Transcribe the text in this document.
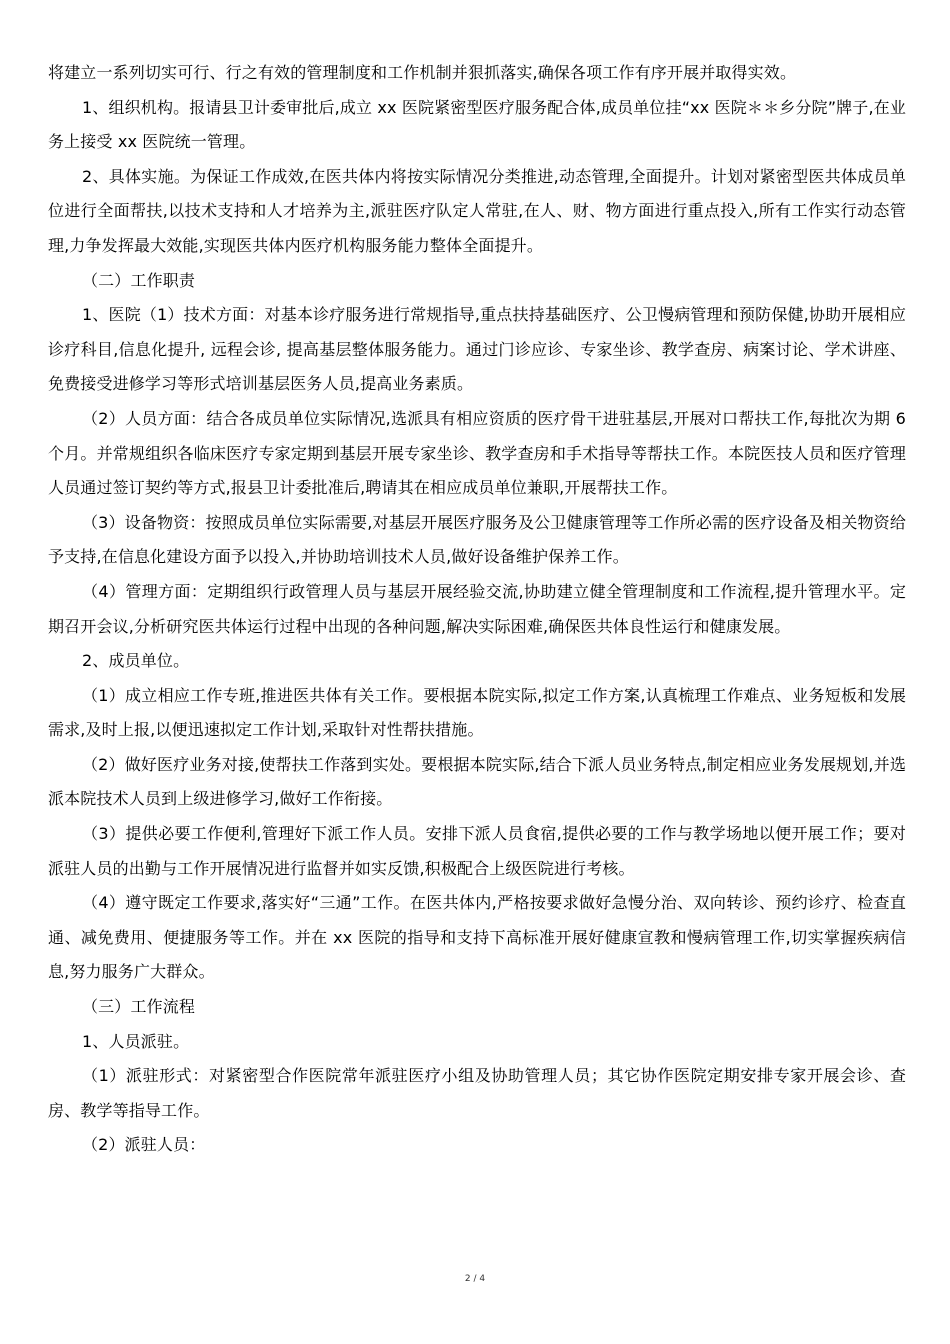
将建立一系列切实可行、行之有效的管理制度和工作机制并狠抓落实,确保各项工作有序开展并取得实效。

1、组织机构。报请县卫计委审批后,成立 xx 医院紧密型医疗服务配合体,成员单位挂“xx 医院＊＊乡分院”牌子,在业务上接受 xx 医院统一管理。

2、具体实施。为保证工作成效,在医共体内将按实际情况分类推进,动态管理,全面提升。计划对紧密型医共体成员单位进行全面帮扶,以技术支持和人才培养为主,派驻医疗队定人常驻,在人、财、物方面进行重点投入,所有工作实行动态管理,力争发挥最大效能,实现医共体内医疗机构服务能力整体全面提升。

（二）工作职责

1、医院（1）技术方面：对基本诊疗服务进行常规指导,重点扶持基础医疗、公卫慢病管理和预防保健,协助开展相应诊疗科目,信息化提升, 远程会诊, 提高基层整体服务能力。通过门诊应诊、专家坐诊、教学查房、病案讨论、学术讲座、免费接受进修学习等形式培训基层医务人员,提高业务素质。

（2）人员方面：结合各成员单位实际情况,选派具有相应资质的医疗骨干进驻基层,开展对口帮扶工作,每批次为期 6 个月。并常规组织各临床医疗专家定期到基层开展专家坐诊、教学查房和手术指导等帮扶工作。本院医技人员和医疗管理人员通过签订契约等方式,报县卫计委批准后,聘请其在相应成员单位兼职,开展帮扶工作。

（3）设备物资：按照成员单位实际需要,对基层开展医疗服务及公卫健康管理等工作所必需的医疗设备及相关物资给予支持,在信息化建设方面予以投入,并协助培训技术人员,做好设备维护保养工作。

（4）管理方面：定期组织行政管理人员与基层开展经验交流,协助建立健全管理制度和工作流程,提升管理水平。定期召开会议,分析研究医共体运行过程中出现的各种问题,解决实际困难,确保医共体良性运行和健康发展。

2、成员单位。

（1）成立相应工作专班,推进医共体有关工作。要根据本院实际,拟定工作方案,认真梳理工作难点、业务短板和发展需求,及时上报,以便迅速拟定工作计划,采取针对性帮扶措施。

（2）做好医疗业务对接,使帮扶工作落到实处。要根据本院实际,结合下派人员业务特点,制定相应业务发展规划,并选派本院技术人员到上级进修学习,做好工作衔接。

（3）提供必要工作便利,管理好下派工作人员。安排下派人员食宿,提供必要的工作与教学场地以便开展工作；要对派驻人员的出勤与工作开展情况进行监督并如实反馈,积极配合上级医院进行考核。

（4）遵守既定工作要求,落实好“三通”工作。在医共体内,严格按要求做好急慢分治、双向转诊、预约诊疗、检查直通、减免费用、便捷服务等工作。并在 xx 医院的指导和支持下高标准开展好健康宣教和慢病管理工作,切实掌握疾病信息,努力服务广大群众。

（三）工作流程

1、人员派驻。

（1）派驻形式：对紧密型合作医院常年派驻医疗小组及协助管理人员；其它协作医院定期安排专家开展会诊、查房、教学等指导工作。

（2）派驻人员：

2 / 4
